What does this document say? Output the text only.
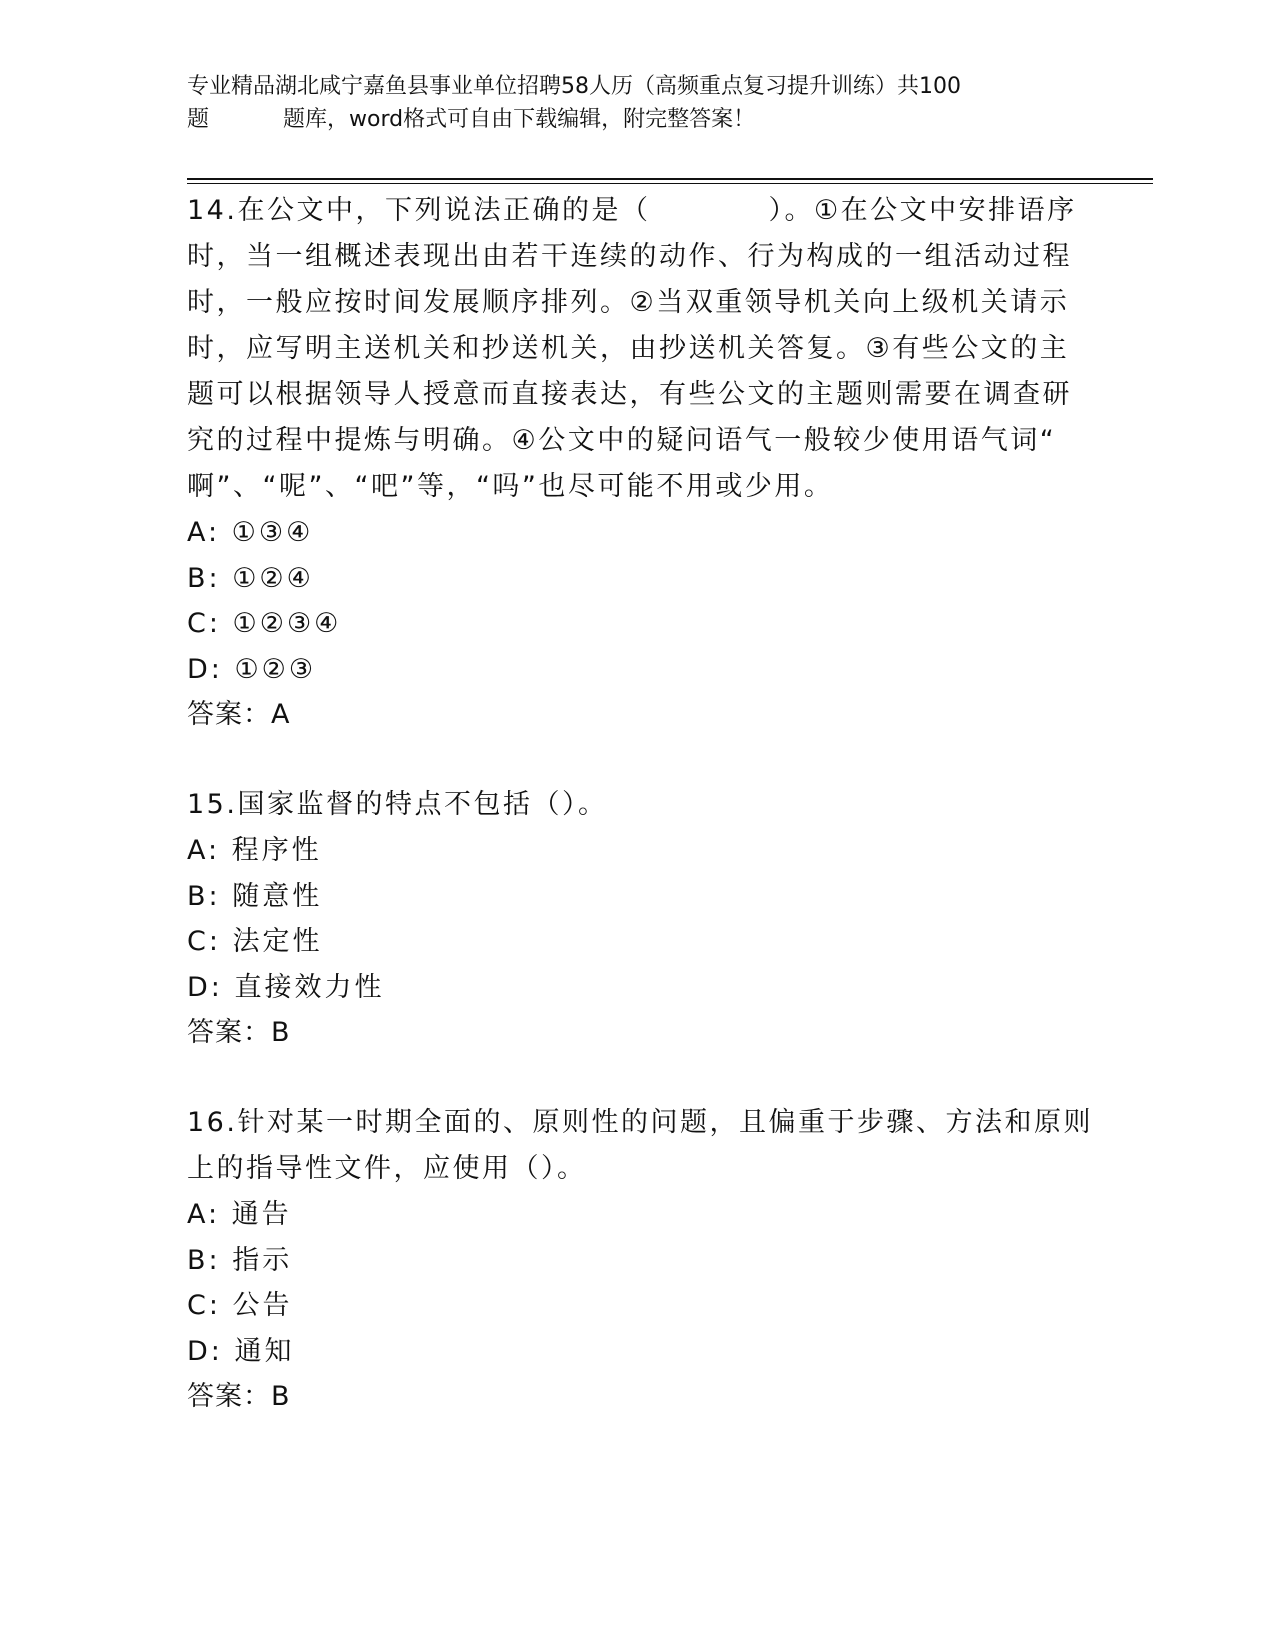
专业精品湖北咸宁嘉鱼县事业单位招聘58人历（高频重点复习提升训练）共100
题	题库，word格式可自由下载编辑，附完整答案！

14.在公文中，下列说法正确的是（　　　　）。①在公文中安排语序

时，当一组概述表现出由若干连续的动作、行为构成的一组活动过程

时，一般应按时间发展顺序排列。②当双重领导机关向上级机关请示

时，应写明主送机关和抄送机关，由抄送机关答复。③有些公文的主

题可以根据领导人授意而直接表达，有些公文的主题则需要在调查研

究的过程中提炼与明确。④公文中的疑问语气一般较少使用语气词“

啊”、“呢”、“吧”等，“吗”也尽可能不用或少用。

A: ①③④

B: ①②④

C: ①②③④

D: ①②③

答案：A

15.国家监督的特点不包括（）。

A: 程序性

B: 随意性

C: 法定性

D: 直接效力性

答案：B

16.针对某一时期全面的、原则性的问题，且偏重于步骤、方法和原则

上的指导性文件，应使用（）。

A: 通告

B: 指示

C: 公告

D: 通知

答案：B
